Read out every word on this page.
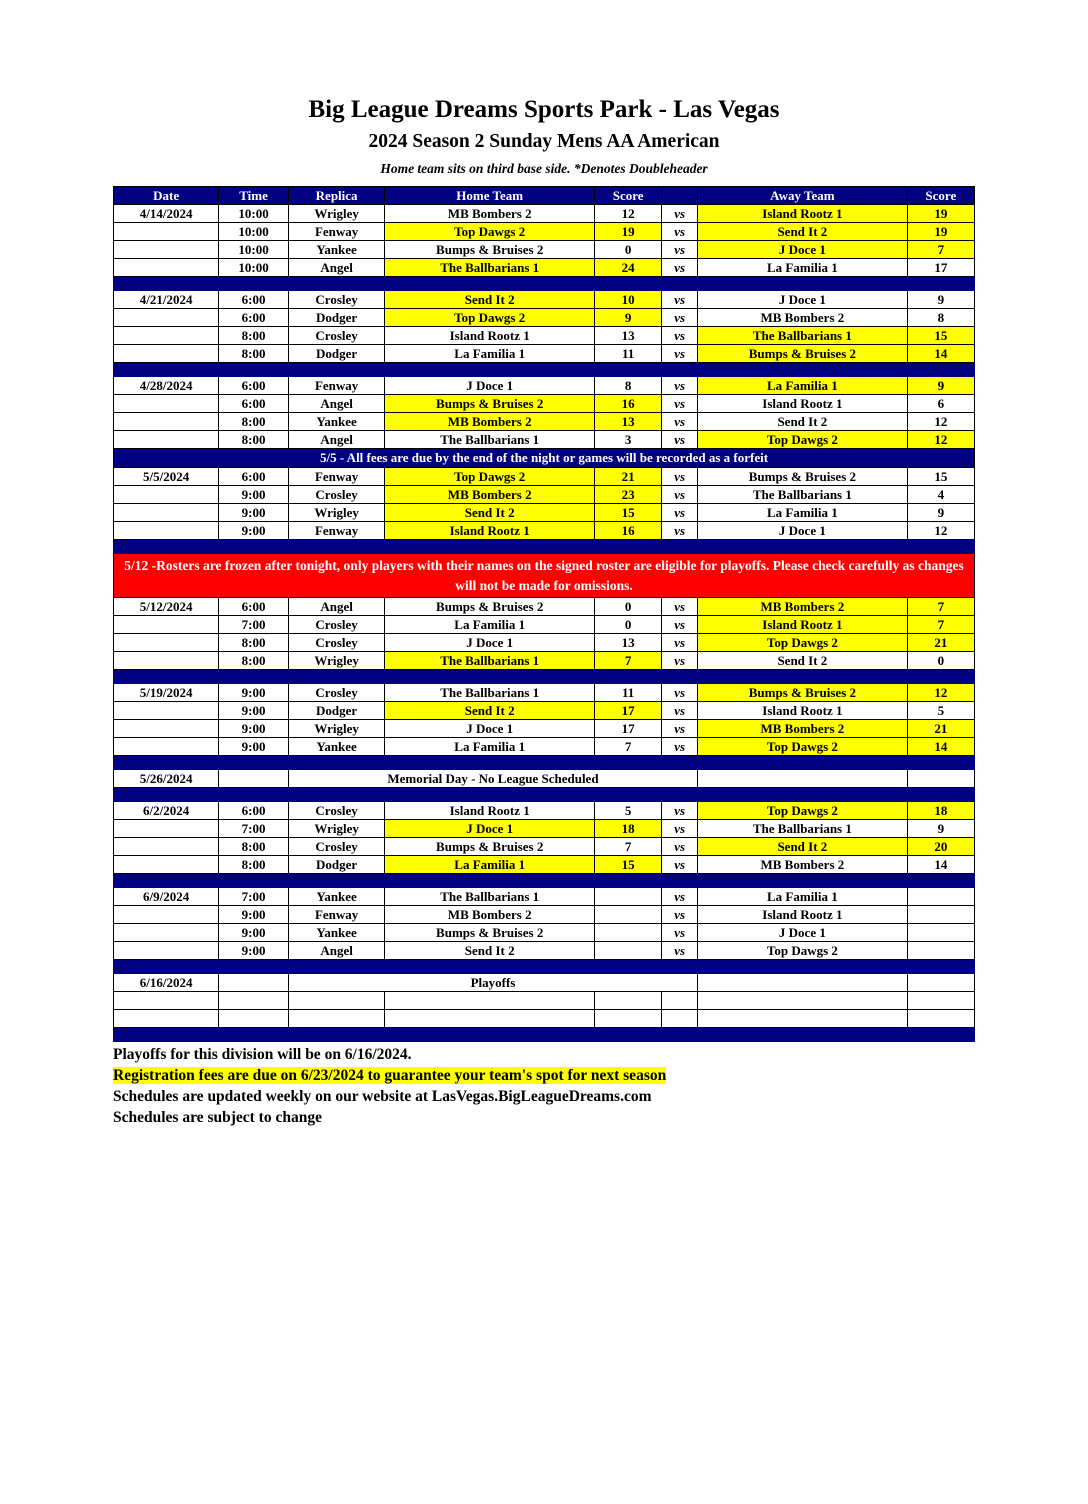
Big League Dreams Sports Park - Las Vegas
2024 Season 2 Sunday Mens AA American
Home team sits on third base side. *Denotes Doubleheader
Date	Time	Replica	Home Team	Score		Away Team	Score
4/14/2024	10:00	Wrigley	MB Bombers 2	12	vs	Island Rootz 1	19
	10:00	Fenway	Top Dawgs 2	19	vs	Send It 2	19
	10:00	Yankee	Bumps & Bruises 2	0	vs	J Doce 1	7
	10:00	Angel	The Ballbarians 1	24	vs	La Familia 1	17

4/21/2024	6:00	Crosley	Send It 2	10	vs	J Doce 1	9
	6:00	Dodger	Top Dawgs 2	9	vs	MB Bombers 2	8
	8:00	Crosley	Island Rootz 1	13	vs	The Ballbarians 1	15
	8:00	Dodger	La Familia 1	11	vs	Bumps & Bruises 2	14

4/28/2024	6:00	Fenway	J Doce 1	8	vs	La Familia 1	9
	6:00	Angel	Bumps & Bruises 2	16	vs	Island Rootz 1	6
	8:00	Yankee	MB Bombers 2	13	vs	Send It 2	12
	8:00	Angel	The Ballbarians 1	3	vs	Top Dawgs 2	12
5/5 - All fees are due by the end of the night or games will be recorded as a forfeit							
5/5/2024	6:00	Fenway	Top Dawgs 2	21	vs	Bumps & Bruises 2	15
	9:00	Crosley	MB Bombers 2	23	vs	The Ballbarians 1	4
	9:00	Wrigley	Send It 2	15	vs	La Familia 1	9
	9:00	Fenway	Island Rootz 1	16	vs	J Doce 1	12

5/12 -Rosters are frozen after tonight, only players with their names on the signed roster are eligible for playoffs. Please check carefully as changes will not be made for omissions.							
5/12/2024	6:00	Angel	Bumps & Bruises 2	0	vs	MB Bombers 2	7
	7:00	Crosley	La Familia 1	0	vs	Island Rootz 1	7
	8:00	Crosley	J Doce 1	13	vs	Top Dawgs 2	21
	8:00	Wrigley	The Ballbarians 1	7	vs	Send It 2	0

5/19/2024	9:00	Crosley	The Ballbarians 1	11	vs	Bumps & Bruises 2	12
	9:00	Dodger	Send It 2	17	vs	Island Rootz 1	5
	9:00	Wrigley	J Doce 1	17	vs	MB Bombers 2	21
	9:00	Yankee	La Familia 1	7	vs	Top Dawgs 2	14

5/26/2024		Memorial Day - No League Scheduled					

6/2/2024	6:00	Crosley	Island Rootz 1	5	vs	Top Dawgs 2	18
	7:00	Wrigley	J Doce 1	18	vs	The Ballbarians 1	9
	8:00	Crosley	Bumps & Bruises 2	7	vs	Send It 2	20
	8:00	Dodger	La Familia 1	15	vs	MB Bombers 2	14

6/9/2024	7:00	Yankee	The Ballbarians 1		vs	La Familia 1	
	9:00	Fenway	MB Bombers 2		vs	Island Rootz 1	
	9:00	Yankee	Bumps & Bruises 2		vs	J Doce 1	
	9:00	Angel	Send It 2		vs	Top Dawgs 2	

6/16/2024		Playoffs					

Playoffs for this division will be on 6/16/2024.
Registration fees are due on 6/23/2024 to guarantee your team's spot for next season
Schedules are updated weekly on our website at LasVegas.BigLeagueDreams.com
Schedules are subject to change
